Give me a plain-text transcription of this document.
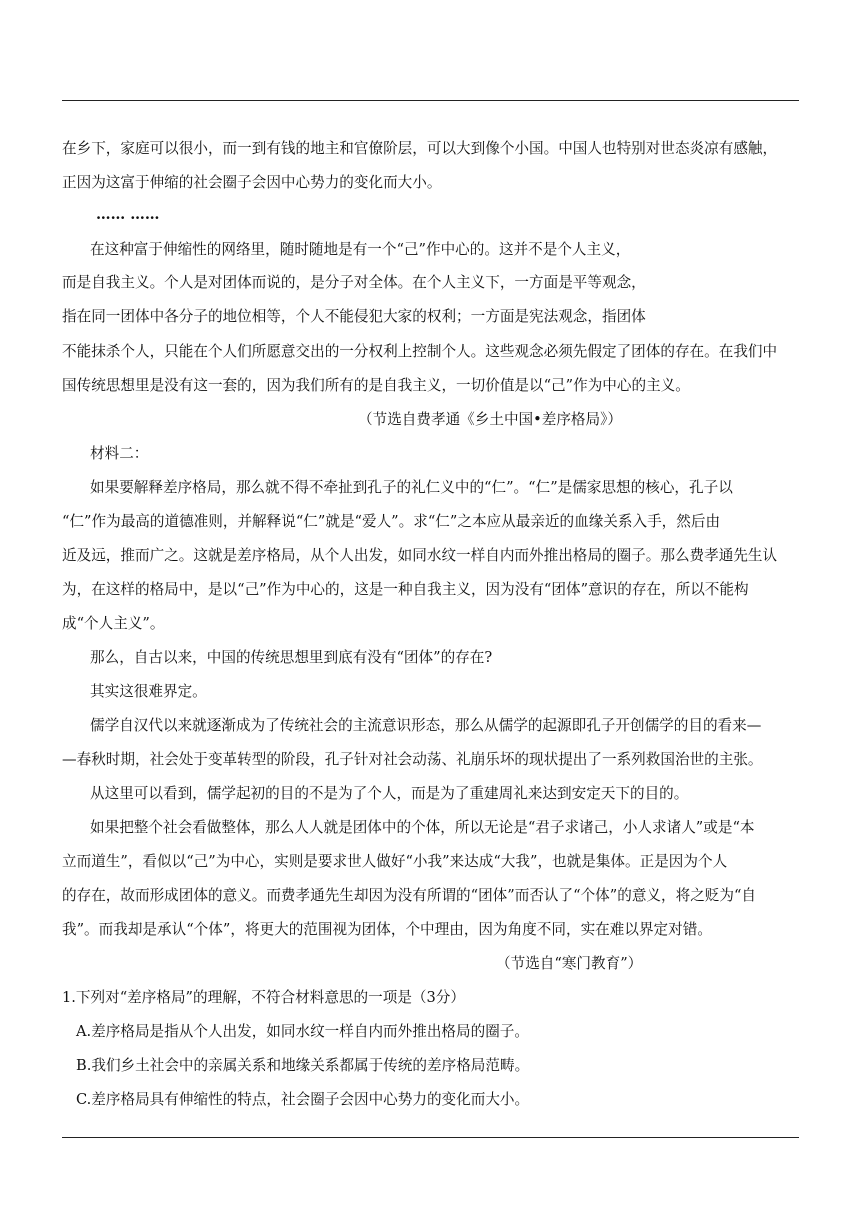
在乡下，家庭可以很小，而一到有钱的地主和官僚阶层，可以大到像个小国。中国人也特别对世态炎凉有感触，
正因为这富于伸缩的社会圈子会因中心势力的变化而大小。
…… ……
在这种富于伸缩性的网络里，随时随地是有一个“己”作中心的。这并不是个人主义，
而是自我主义。个人是对团体而说的，是分子对全体。在个人主义下，一方面是平等观念，
指在同一团体中各分子的地位相等，个人不能侵犯大家的权利；一方面是宪法观念，指团体
不能抹杀个人，只能在个人们所愿意交出的一分权利上控制个人。这些观念必须先假定了团体的存在。在我们中
国传统思想里是没有这一套的，因为我们所有的是自我主义，一切价值是以“己”作为中心的主义。
（节选自费孝通《乡土中国•差序格局》）
材料二：
如果要解释差序格局，那么就不得不牵扯到孔子的礼仁义中的“仁”。“仁”是儒家思想的核心，孔子以
“仁”作为最高的道德准则，并解释说“仁”就是“爱人”。求“仁”之本应从最亲近的血缘关系入手，然后由
近及远，推而广之。这就是差序格局，从个人出发，如同水纹一样自内而外推出格局的圈子。那么费孝通先生认
为，在这样的格局中，是以“己”作为中心的，这是一种自我主义，因为没有“团体”意识的存在，所以不能构
成“个人主义”。
那么，自古以来，中国的传统思想里到底有没有“团体”的存在?
其实这很难界定。
儒学自汉代以来就逐渐成为了传统社会的主流意识形态，那么从儒学的起源即孔子开创儒学的目的看来—
—春秋时期，社会处于变革转型的阶段，孔子针对社会动荡、礼崩乐坏的现状提出了一系列救国治世的主张。
从这里可以看到，儒学起初的目的不是为了个人，而是为了重建周礼来达到安定天下的目的。
如果把整个社会看做整体，那么人人就是团体中的个体，所以无论是“君子求诸己，小人求诸人”或是“本
立而道生”，看似以“己”为中心，实则是要求世人做好“小我”来达成“大我”，也就是集体。正是因为个人
的存在，故而形成团体的意义。而费孝通先生却因为没有所谓的“团体”而否认了“个体”的意义，将之贬为“自
我”。而我却是承认“个体”，将更大的范围视为团体，个中理由，因为角度不同，实在难以界定对错。
（节选自“寒门教育”）
1.下列对“差序格局”的理解，不符合材料意思的一项是（3分）
A.差序格局是指从个人出发，如同水纹一样自内而外推出格局的圈子。
B.我们乡土社会中的亲属关系和地缘关系都属于传统的差序格局范畴。
C.差序格局具有伸缩性的特点，社会圈子会因中心势力的变化而大小。
